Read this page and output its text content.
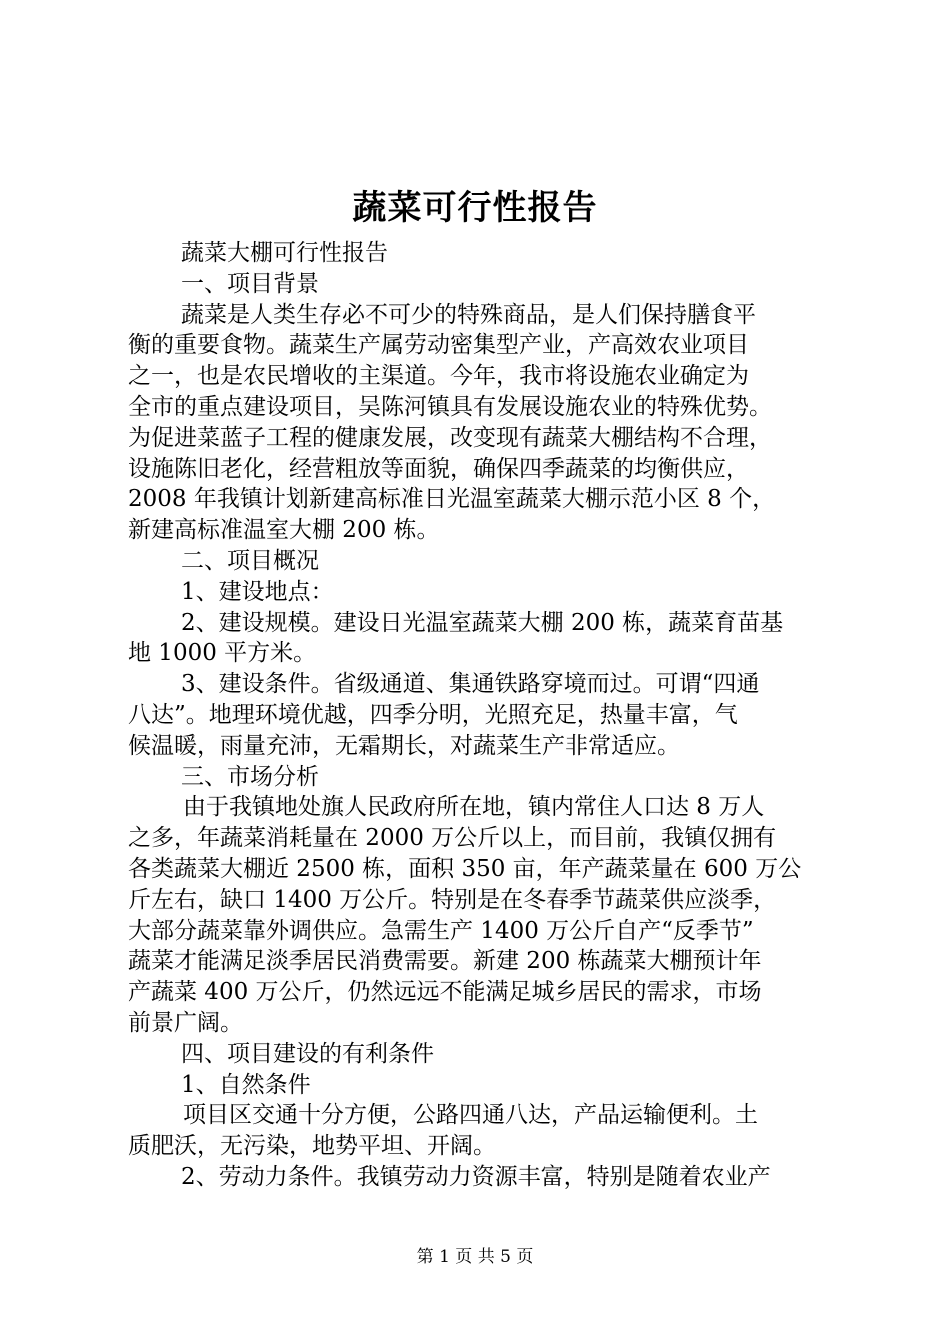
蔬菜可行性报告
蔬菜大棚可行性报告
一、项目背景
蔬菜是人类生存必不可少的特殊商品，是人们保持膳食平
衡的重要食物。蔬菜生产属劳动密集型产业，产高效农业项目
之一，也是农民增收的主渠道。今年，我市将设施农业确定为
全市的重点建设项目，吴陈河镇具有发展设施农业的特殊优势。
为促进菜蓝子工程的健康发展，改变现有蔬菜大棚结构不合理，
设施陈旧老化，经营粗放等面貌，确保四季蔬菜的均衡供应，
2008 年我镇计划新建高标准日光温室蔬菜大棚示范小区 8 个，
新建高标准温室大棚 200 栋。
二、项目概况
1、建设地点：
2、建设规模。建设日光温室蔬菜大棚 200 栋，蔬菜育苗基
地 1000 平方米。
3、建设条件。省级通道、集通铁路穿境而过。可谓“四通
八达”。地理环境优越，四季分明，光照充足，热量丰富，气
候温暖，雨量充沛，无霜期长，对蔬菜生产非常适应。
三、市场分析
由于我镇地处旗人民政府所在地，镇内常住人口达 8 万人
之多，年蔬菜消耗量在 2000 万公斤以上，而目前，我镇仅拥有
各类蔬菜大棚近 2500 栋，面积 350 亩，年产蔬菜量在 600 万公
斤左右，缺口 1400 万公斤。特别是在冬春季节蔬菜供应淡季，
大部分蔬菜靠外调供应。急需生产 1400 万公斤自产“反季节”
蔬菜才能满足淡季居民消费需要。新建 200 栋蔬菜大棚预计年
产蔬菜 400 万公斤，仍然远远不能满足城乡居民的需求，市场
前景广阔。
四、项目建设的有利条件
1、自然条件
项目区交通十分方便，公路四通八达，产品运输便利。土
质肥沃，无污染，地势平坦、开阔。
2、劳动力条件。我镇劳动力资源丰富，特别是随着农业产
第 1 页 共 5 页
